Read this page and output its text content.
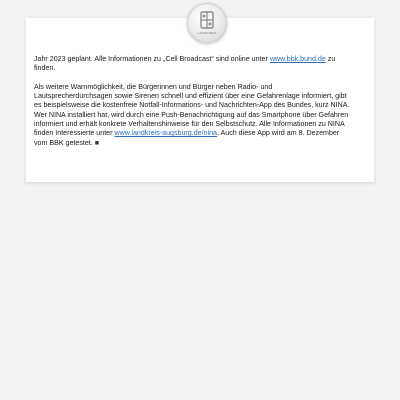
LANDKREIS

Jahr 2023 geplant. Alle Informationen zu „Cell Broadcast“ sind online unter www.bbk.bund.de zu finden.

Als weitere Warnmöglichkeit, die Bürgerinnen und Bürger neben Radio- und Lautsprecherdurchsagen sowie Sirenen schnell und effizient über eine Gefahrenlage informiert, gibt es beispielsweise die kostenfreie Notfall-Informations- und Nachrichten-App des Bundes, kurz NINA. Wer NINA installiert hat, wird durch eine Push-Benachrichtigung auf das Smartphone über Gefahren informiert und erhält konkrete Verhaltenshinweise für den Selbstschutz. Alle Informationen zu NINA finden Interessierte unter www.landkreis-augsburg.de/nina. Auch diese App wird am 8. Dezember vom BBK getestet. ■
